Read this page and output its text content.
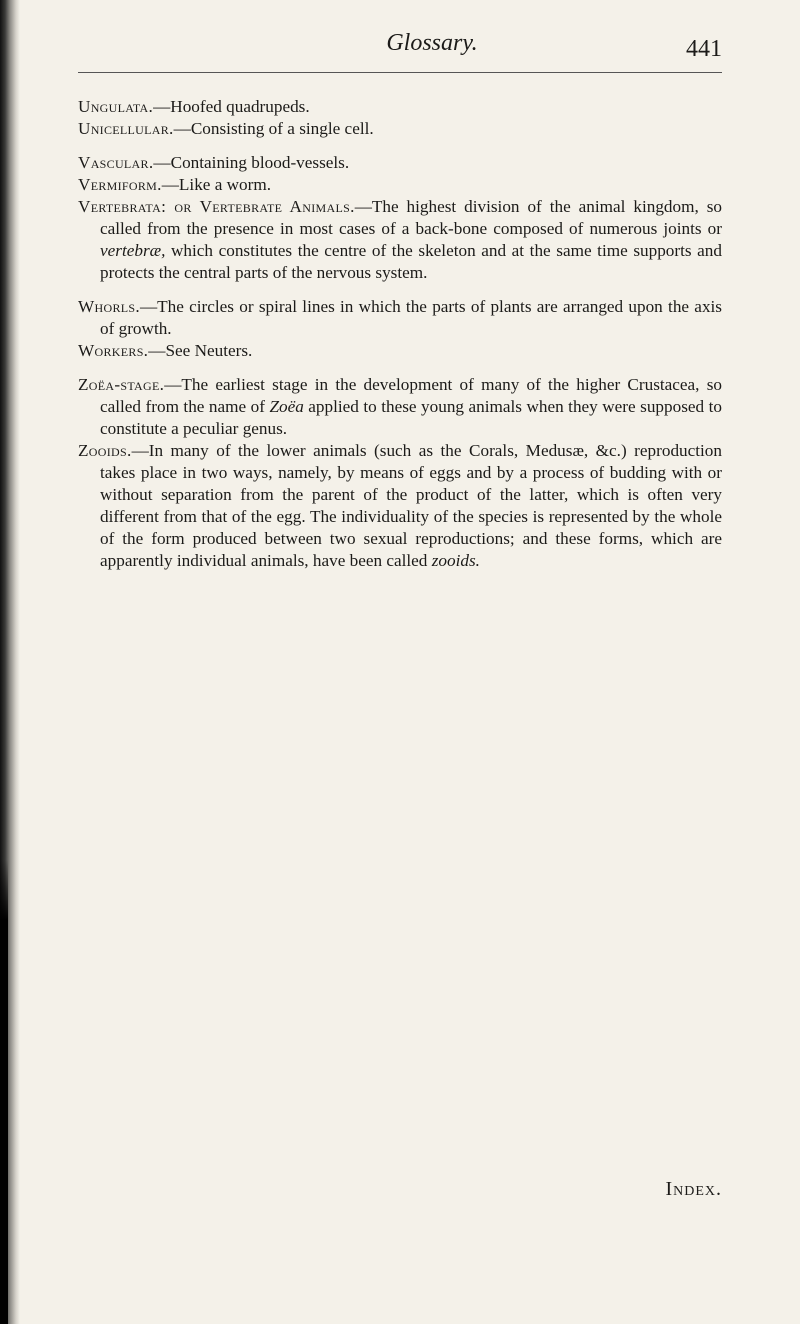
Glossary.	441

Ungulata.—Hoofed quadrupeds.

Unicellular.—Consisting of a single cell.

Vascular.—Containing blood-vessels.

Vermiform.—Like a worm.

Vertebrata: or Vertebrate Animals.—The highest division of the animal kingdom, so called from the presence in most cases of a back-bone composed of numerous joints or vertebræ, which constitutes the centre of the skeleton and at the same time supports and protects the central parts of the nervous system.

Whorls.—The circles or spiral lines in which the parts of plants are arranged upon the axis of growth.

Workers.—See Neuters.

Zoëa-stage.—The earliest stage in the development of many of the higher Crustacea, so called from the name of Zoëa applied to these young animals when they were supposed to constitute a peculiar genus.

Zooids.—In many of the lower animals (such as the Corals, Medusæ, &c.) reproduction takes place in two ways, namely, by means of eggs and by a process of budding with or without separation from the parent of the product of the latter, which is often very different from that of the egg. The individuality of the species is represented by the whole of the form produced between two sexual reproductions; and these forms, which are apparently individual animals, have been called zooids.

Index.
